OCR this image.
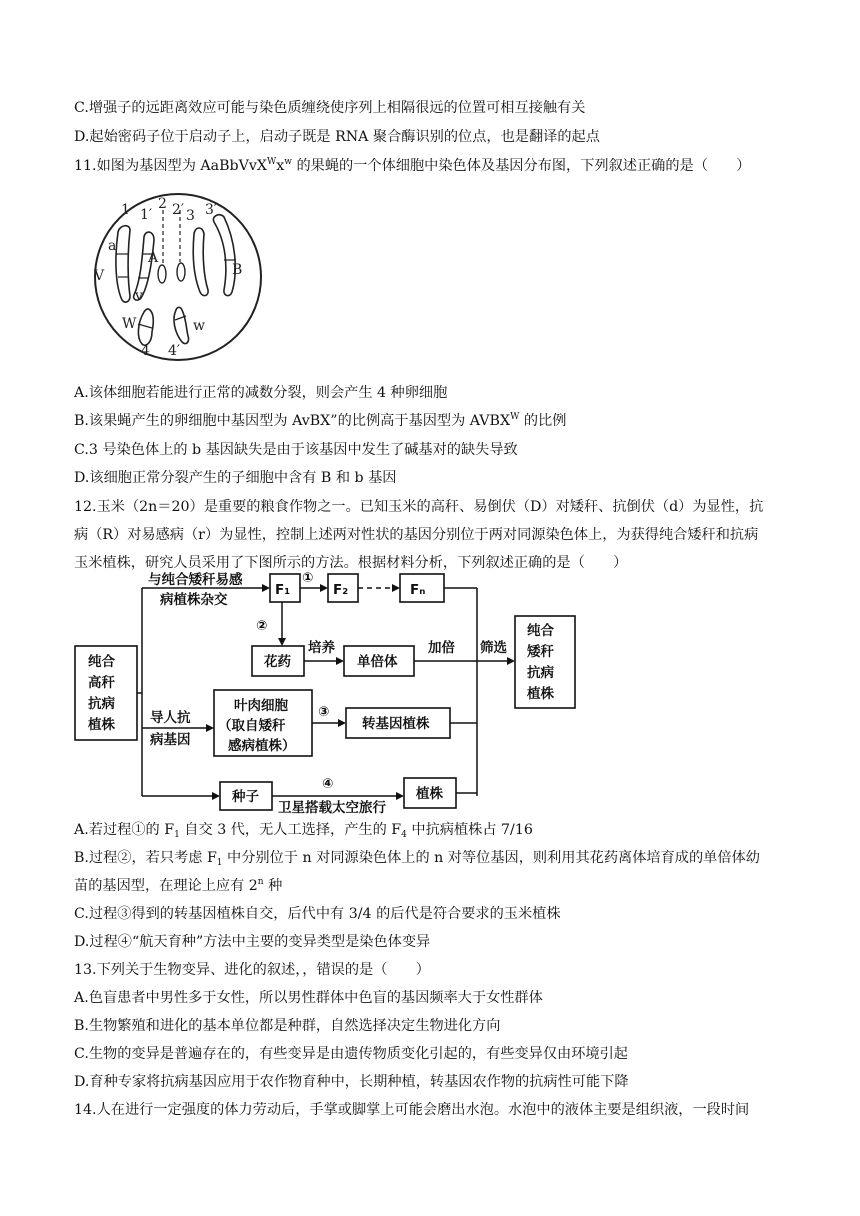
C.增强子的远距离效应可能与染色质缠绕使序列上相隔很远的位置可相互接触有关
D.起始密码子位于启动子上，启动子既是 RNA 聚合酶识别的位点，也是翻译的起点
11.如图为基因型为 $AaBbVvX^Wx^w$ 的果蝇的一个体细胞中染色体及基因分布图，下列叙述正确的是（　　）
1 1′
2 2′ 3 3′
a
V
A
v
B
W	w
4 4′
A.该体细胞若能进行正常的减数分裂，则会产生 4 种卵细胞
B.该果蝇产生的卵细胞中基因型为 AvBX”的比例高于基因型为 $AVBX^W$ 的比例
C.3 号染色体上的 b 基因缺失是由于该基因中发生了碱基对的缺失导致
D.该细胞正常分裂产生的子细胞中含有 B 和 b 基因
12.玉米（2n＝20）是重要的粮食作物之一。已知玉米的高秆、易倒伏（D）对矮秆、抗倒伏（d）为显性，抗
病（R）对易感病（r）为显性，控制上述两对性状的基因分别位于两对同源染色体上，为获得纯合矮秆和抗病
玉米植株，研究人员采用了下图所示的方法。根据材料分析，下列叙述正确的是（　　）
纯合
高秆
抗病
植株
与纯合矮秆易感
病植株杂交
F₁
①
F₂	Fₙ
②
花药
培养
单倍体
加倍 筛选
纯合
矮秆
抗病
植株
导人抗
病基因
叶肉细胞
（取自矮秆
感病植株）
③
转基因植株
种子
④
卫星搭载太空旅行
植株
A.若过程①的 $F_1$ 自交 3 代，无人工选择，产生的 $F_4$ 中抗病植株占 7/16
B.过程②，若只考虑 $F_1$ 中分别位于 n 对同源染色体上的 n 对等位基因，则利用其花药离体培育成的单倍体幼
苗的基因型，在理论上应有 2$^n$ 种
C.过程③得到的转基因植株自交，后代中有 3/4 的后代是符合要求的玉米植株
D.过程④“航天育种”方法中主要的变异类型是染色体变异
13.下列关于生物变异、进化的叙述，，错误的是（　　）
A.色盲患者中男性多于女性，所以男性群体中色盲的基因频率大于女性群体
B.生物繁殖和进化的基本单位都是种群，自然选择决定生物进化方向
C.生物的变异是普遍存在的，有些变异是由遗传物质变化引起的，有些变异仅由环境引起
D.育种专家将抗病基因应用于农作物育种中，长期种植，转基因农作物的抗病性可能下降
14.人在进行一定强度的体力劳动后，手掌或脚掌上可能会磨出水泡。水泡中的液体主要是组织液，一段时间
